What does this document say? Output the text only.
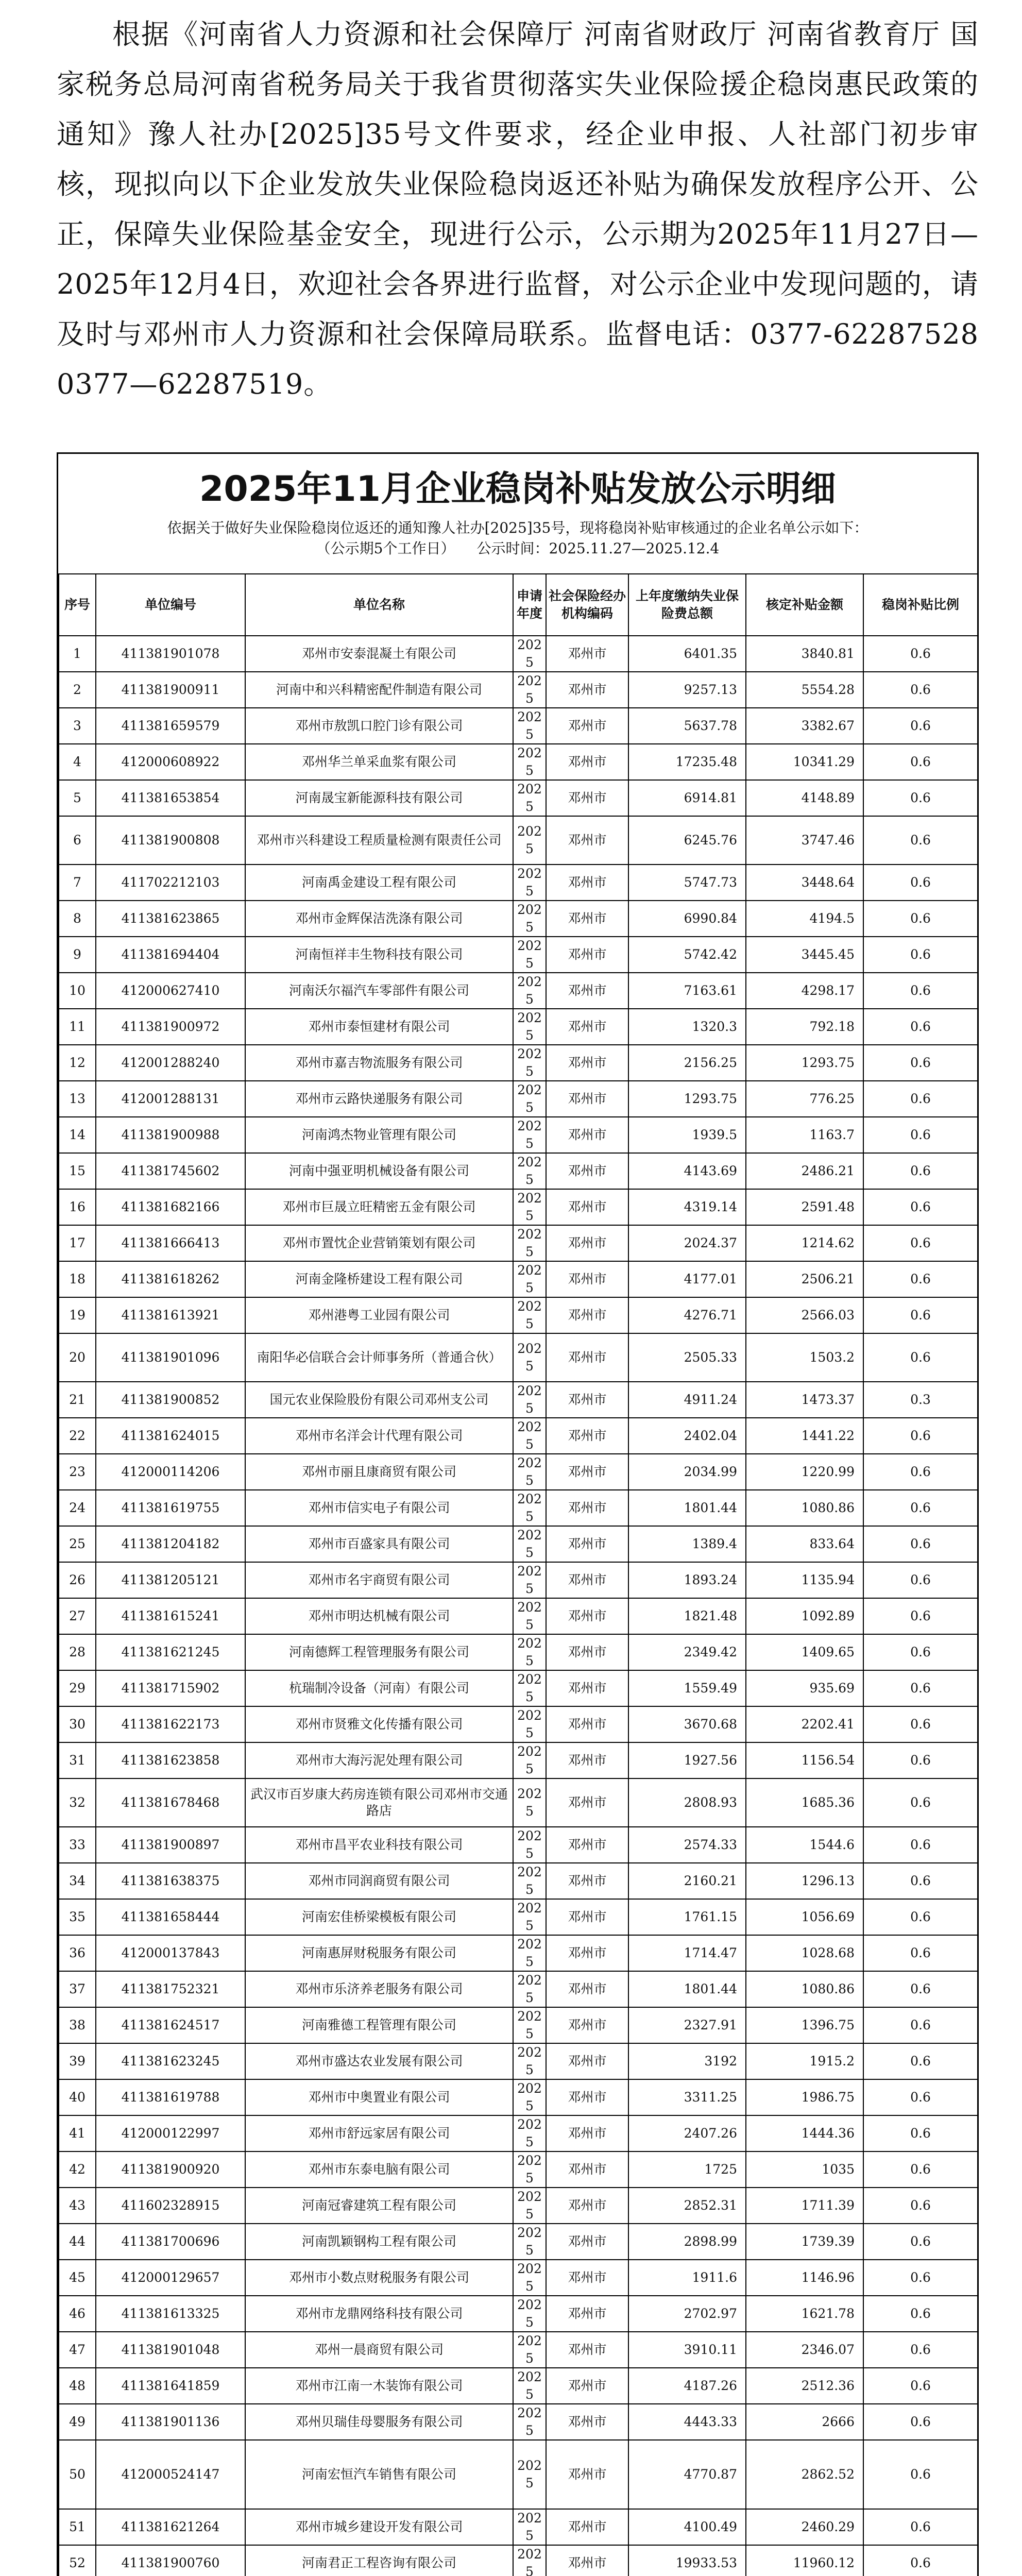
根据《河南省人力资源和社会保障厅 河南省财政厅 河南省教育厅 国家税务总局河南省税务局关于我省贯彻落实失业保险援企稳岗惠民政策的通知》豫人社办[2025]35号文件要求，经企业申报、人社部门初步审核，现拟向以下企业发放失业保险稳岗返还补贴为确保发放程序公开、公正，保障失业保险基金安全，现进行公示，公示期为2025年11月27日—2025年12月4日，欢迎社会各界进行监督，对公示企业中发现问题的，请及时与邓州市人力资源和社会保障局联系。监督电话：0377-62287528 0377—62287519。

2025年11月企业稳岗补贴发放公示明细
依据关于做好失业保险稳岗位返还的通知豫人社办[2025]35号，现将稳岗补贴审核通过的企业名单公示如下：
（公示期5个工作日）　　公示时间：2025.11.27—2025.12.4
序号	单位编号	单位名称	申请年度	社会保险经办机构编码	上年度缴纳失业保险费总额	核定补贴金额	稳岗补贴比例
1	411381901078	邓州市安泰混凝土有限公司	2025	邓州市	6401.35	3840.81	0.6
2	411381900911	河南中和兴科精密配件制造有限公司	2025	邓州市	9257.13	5554.28	0.6
3	411381659579	邓州市敖凯口腔门诊有限公司	2025	邓州市	5637.78	3382.67	0.6
4	412000608922	邓州华兰单采血浆有限公司	2025	邓州市	17235.48	10341.29	0.6
5	411381653854	河南晟宝新能源科技有限公司	2025	邓州市	6914.81	4148.89	0.6
6	411381900808	邓州市兴科建设工程质量检测有限责任公司	2025	邓州市	6245.76	3747.46	0.6
7	411702212103	河南禹金建设工程有限公司	2025	邓州市	5747.73	3448.64	0.6
8	411381623865	邓州市金辉保洁洗涤有限公司	2025	邓州市	6990.84	4194.5	0.6
9	411381694404	河南恒祥丰生物科技有限公司	2025	邓州市	5742.42	3445.45	0.6
10	412000627410	河南沃尔福汽车零部件有限公司	2025	邓州市	7163.61	4298.17	0.6
11	411381900972	邓州市泰恒建材有限公司	2025	邓州市	1320.3	792.18	0.6
12	412001288240	邓州市嘉吉物流服务有限公司	2025	邓州市	2156.25	1293.75	0.6
13	412001288131	邓州市云路快递服务有限公司	2025	邓州市	1293.75	776.25	0.6
14	411381900988	河南鸿杰物业管理有限公司	2025	邓州市	1939.5	1163.7	0.6
15	411381745602	河南中强亚明机械设备有限公司	2025	邓州市	4143.69	2486.21	0.6
16	411381682166	邓州市巨晟立旺精密五金有限公司	2025	邓州市	4319.14	2591.48	0.6
17	411381666413	邓州市置忱企业营销策划有限公司	2025	邓州市	2024.37	1214.62	0.6
18	411381618262	河南金隆桥建设工程有限公司	2025	邓州市	4177.01	2506.21	0.6
19	411381613921	邓州港粤工业园有限公司	2025	邓州市	4276.71	2566.03	0.6
20	411381901096	南阳华必信联合会计师事务所（普通合伙）	2025	邓州市	2505.33	1503.2	0.6
21	411381900852	国元农业保险股份有限公司邓州支公司	2025	邓州市	4911.24	1473.37	0.3
22	411381624015	邓州市名洋会计代理有限公司	2025	邓州市	2402.04	1441.22	0.6
23	412000114206	邓州市丽且康商贸有限公司	2025	邓州市	2034.99	1220.99	0.6
24	411381619755	邓州市信实电子有限公司	2025	邓州市	1801.44	1080.86	0.6
25	411381204182	邓州市百盛家具有限公司	2025	邓州市	1389.4	833.64	0.6
26	411381205121	邓州市名宇商贸有限公司	2025	邓州市	1893.24	1135.94	0.6
27	411381615241	邓州市明达机械有限公司	2025	邓州市	1821.48	1092.89	0.6
28	411381621245	河南德辉工程管理服务有限公司	2025	邓州市	2349.42	1409.65	0.6
29	411381715902	杭瑞制冷设备（河南）有限公司	2025	邓州市	1559.49	935.69	0.6
30	411381622173	邓州市贤雅文化传播有限公司	2025	邓州市	3670.68	2202.41	0.6
31	411381623858	邓州市大海污泥处理有限公司	2025	邓州市	1927.56	1156.54	0.6
32	411381678468	武汉市百岁康大药房连锁有限公司邓州市交通路店	2025	邓州市	2808.93	1685.36	0.6
33	411381900897	邓州市昌平农业科技有限公司	2025	邓州市	2574.33	1544.6	0.6
34	411381638375	邓州市同润商贸有限公司	2025	邓州市	2160.21	1296.13	0.6
35	411381658444	河南宏佳桥梁模板有限公司	2025	邓州市	1761.15	1056.69	0.6
36	412000137843	河南惠屏财税服务有限公司	2025	邓州市	1714.47	1028.68	0.6
37	411381752321	邓州市乐济养老服务有限公司	2025	邓州市	1801.44	1080.86	0.6
38	411381624517	河南雅德工程管理有限公司	2025	邓州市	2327.91	1396.75	0.6
39	411381623245	邓州市盛达农业发展有限公司	2025	邓州市	3192	1915.2	0.6
40	411381619788	邓州市中奥置业有限公司	2025	邓州市	3311.25	1986.75	0.6
41	412000122997	邓州市舒远家居有限公司	2025	邓州市	2407.26	1444.36	0.6
42	411381900920	邓州市东泰电脑有限公司	2025	邓州市	1725	1035	0.6
43	411602328915	河南冠睿建筑工程有限公司	2025	邓州市	2852.31	1711.39	0.6
44	411381700696	河南凯颖钢构工程有限公司	2025	邓州市	2898.99	1739.39	0.6
45	412000129657	邓州市小数点财税服务有限公司	2025	邓州市	1911.6	1146.96	0.6
46	411381613325	邓州市龙鼎网络科技有限公司	2025	邓州市	2702.97	1621.78	0.6
47	411381901048	邓州一晨商贸有限公司	2025	邓州市	3910.11	2346.07	0.6
48	411381641859	邓州市江南一木装饰有限公司	2025	邓州市	4187.26	2512.36	0.6
49	411381901136	邓州贝瑞佳母婴服务有限公司	2025	邓州市	4443.33	2666	0.6
50	412000524147	河南宏恒汽车销售有限公司	2025	邓州市	4770.87	2862.52	0.6
51	411381621264	邓州市城乡建设开发有限公司	2025	邓州市	4100.49	2460.29	0.6
52	411381900760	河南君正工程咨询有限公司	2025	邓州市	19933.53	11960.12	0.6
